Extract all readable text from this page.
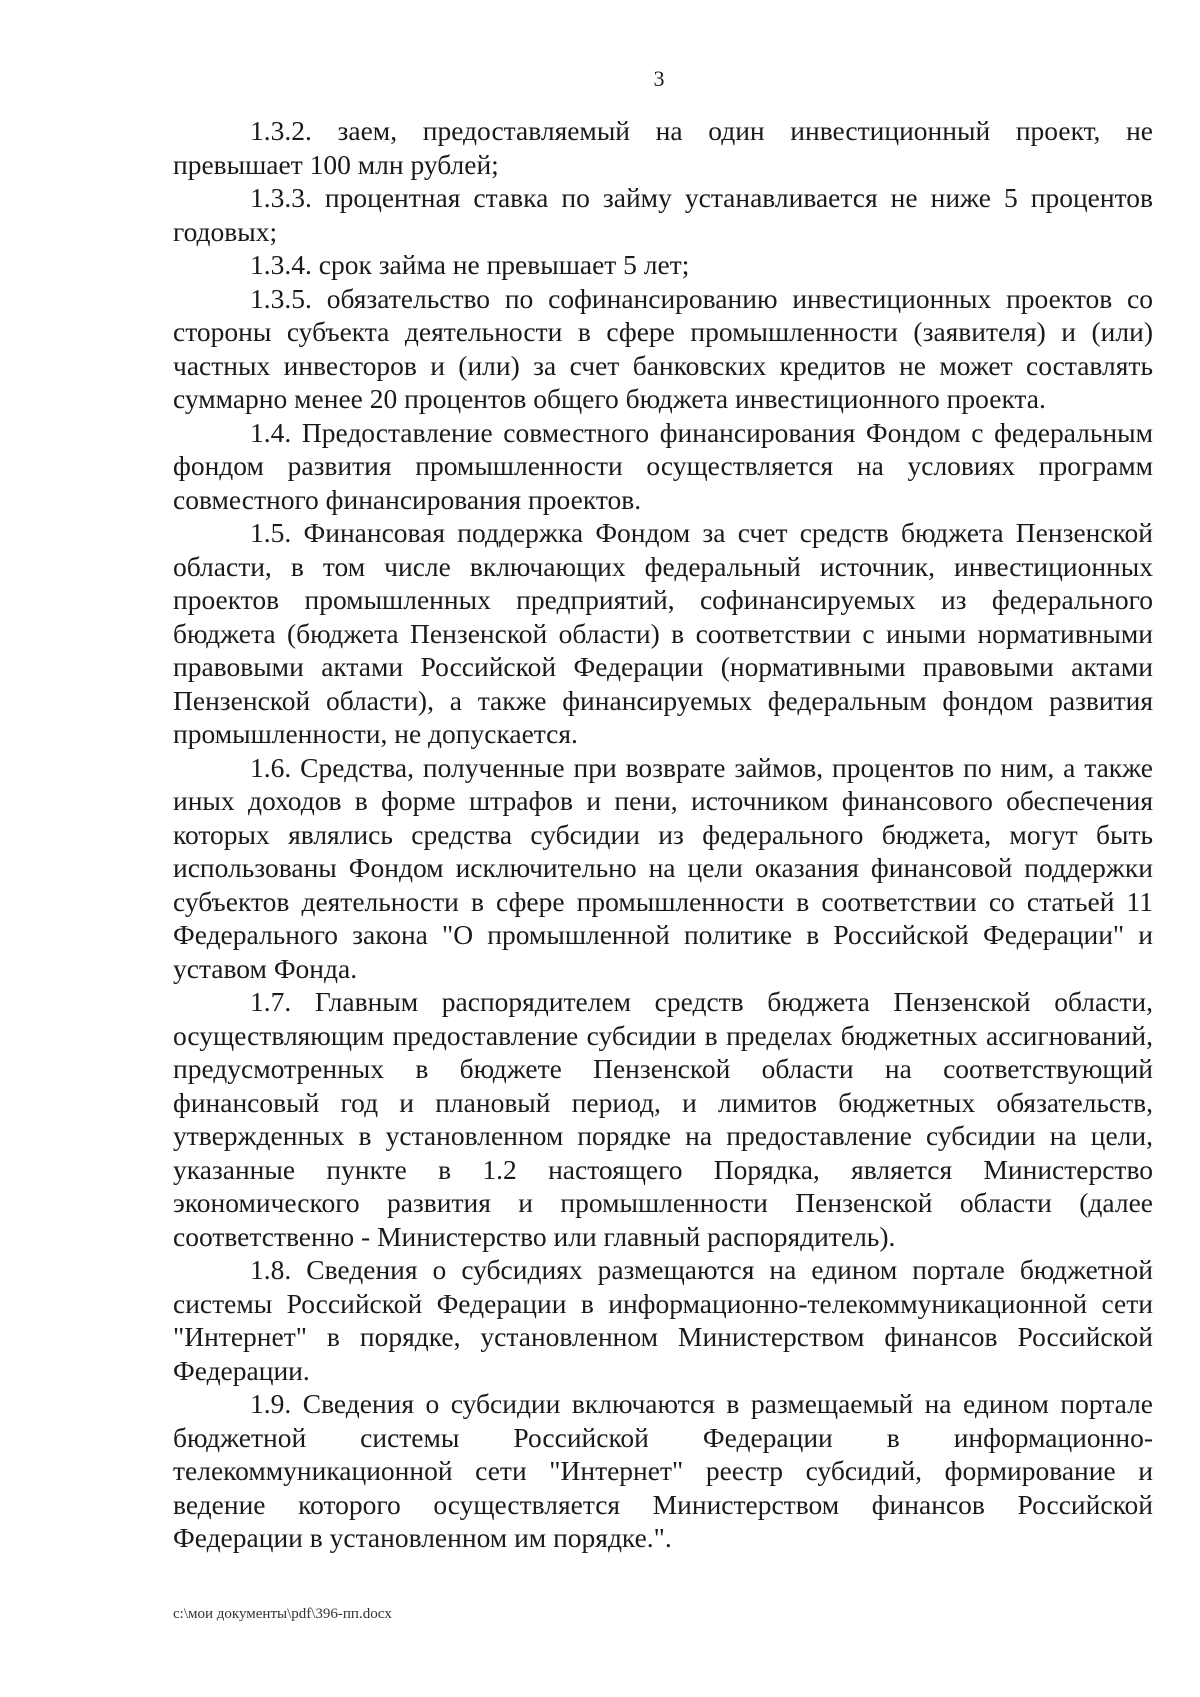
3

1.3.2. заем, предоставляемый на один инвестиционный проект, не превышает 100 млн рублей;

1.3.3. процентная ставка по займу устанавливается не ниже 5 процентов годовых;

1.3.4. срок займа не превышает 5 лет;

1.3.5. обязательство по софинансированию инвестиционных проектов со стороны субъекта деятельности в сфере промышленности (заявителя) и (или) частных инвесторов и (или) за счет банковских кредитов не может составлять суммарно менее 20 процентов общего бюджета инвестиционного проекта.

1.4. Предоставление совместного финансирования Фондом с федеральным фондом развития промышленности осуществляется на условиях программ совместного финансирования проектов.

1.5. Финансовая поддержка Фондом за счет средств бюджета Пензенской области, в том числе включающих федеральный источник, инвестиционных проектов промышленных предприятий, софинансируемых из федерального бюджета (бюджета Пензенской области) в соответствии с иными нормативными правовыми актами Российской Федерации (нормативными правовыми актами Пензенской области), а также финансируемых федеральным фондом развития промышленности, не допускается.

1.6. Средства, полученные при возврате займов, процентов по ним, а также иных доходов в форме штрафов и пени, источником финансового обеспечения которых являлись средства субсидии из федерального бюджета, могут быть использованы Фондом исключительно на цели оказания финансовой поддержки субъектов деятельности в сфере промышленности в соответствии со статьей 11 Федерального закона "О промышленной политике в Российской Федерации" и уставом Фонда.

1.7. Главным распорядителем средств бюджета Пензенской области, осуществляющим предоставление субсидии в пределах бюджетных ассигнований, предусмотренных в бюджете Пензенской области на соответствующий финансовый год и плановый период, и лимитов бюджетных обязательств, утвержденных в установленном порядке на предоставление субсидии на цели, указанные пункте в 1.2 настоящего Порядка, является Министерство экономического развития и промышленности Пензенской области (далее соответственно - Министерство или главный распорядитель).

1.8. Сведения о субсидиях размещаются на едином портале бюджетной системы Российской Федерации в информационно-телекоммуникационной сети "Интернет" в порядке, установленном Министерством финансов Российской Федерации.

1.9. Сведения о субсидии включаются в размещаемый на едином портале бюджетной системы Российской Федерации в информационно-телекоммуникационной сети "Интернет" реестр субсидий, формирование и ведение которого осуществляется Министерством финансов Российской Федерации в установленном им порядке.".

c:\мои документы\pdf\396-пп.docx
